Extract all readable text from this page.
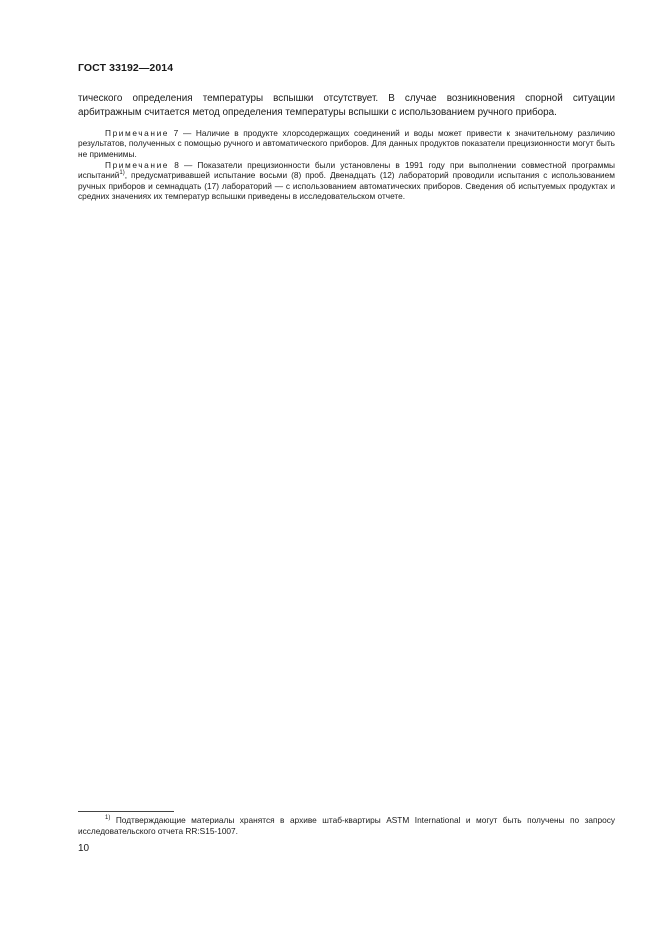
ГОСТ 33192—2014

тического определения температуры вспышки отсутствует. В случае возникновения спорной ситуации арбитражным считается метод определения температуры вспышки с использованием ручного прибора.

Примечание 7 — Наличие в продукте хлорсодержащих соединений и воды может привести к значительному различию результатов, полученных с помощью ручного и автоматического приборов. Для данных продуктов показатели прецизионности могут быть не применимы.

Примечание 8 — Показатели прецизионности были установлены в 1991 году при выполнении совместной программы испытаний$^{1)}$, предусматривавшей испытание восьми (8) проб. Двенадцать (12) лабораторий проводили испытания с использованием ручных приборов и семнадцать (17) лабораторий — с использованием автоматических приборов. Сведения об испытуемых продуктах и средних значениях их температур вспышки приведены в исследовательском отчете.

$^{1)}$ Подтверждающие материалы хранятся в архиве штаб-квартиры ASTM International и могут быть получены по запросу исследовательского отчета RR:S15-1007.

10
